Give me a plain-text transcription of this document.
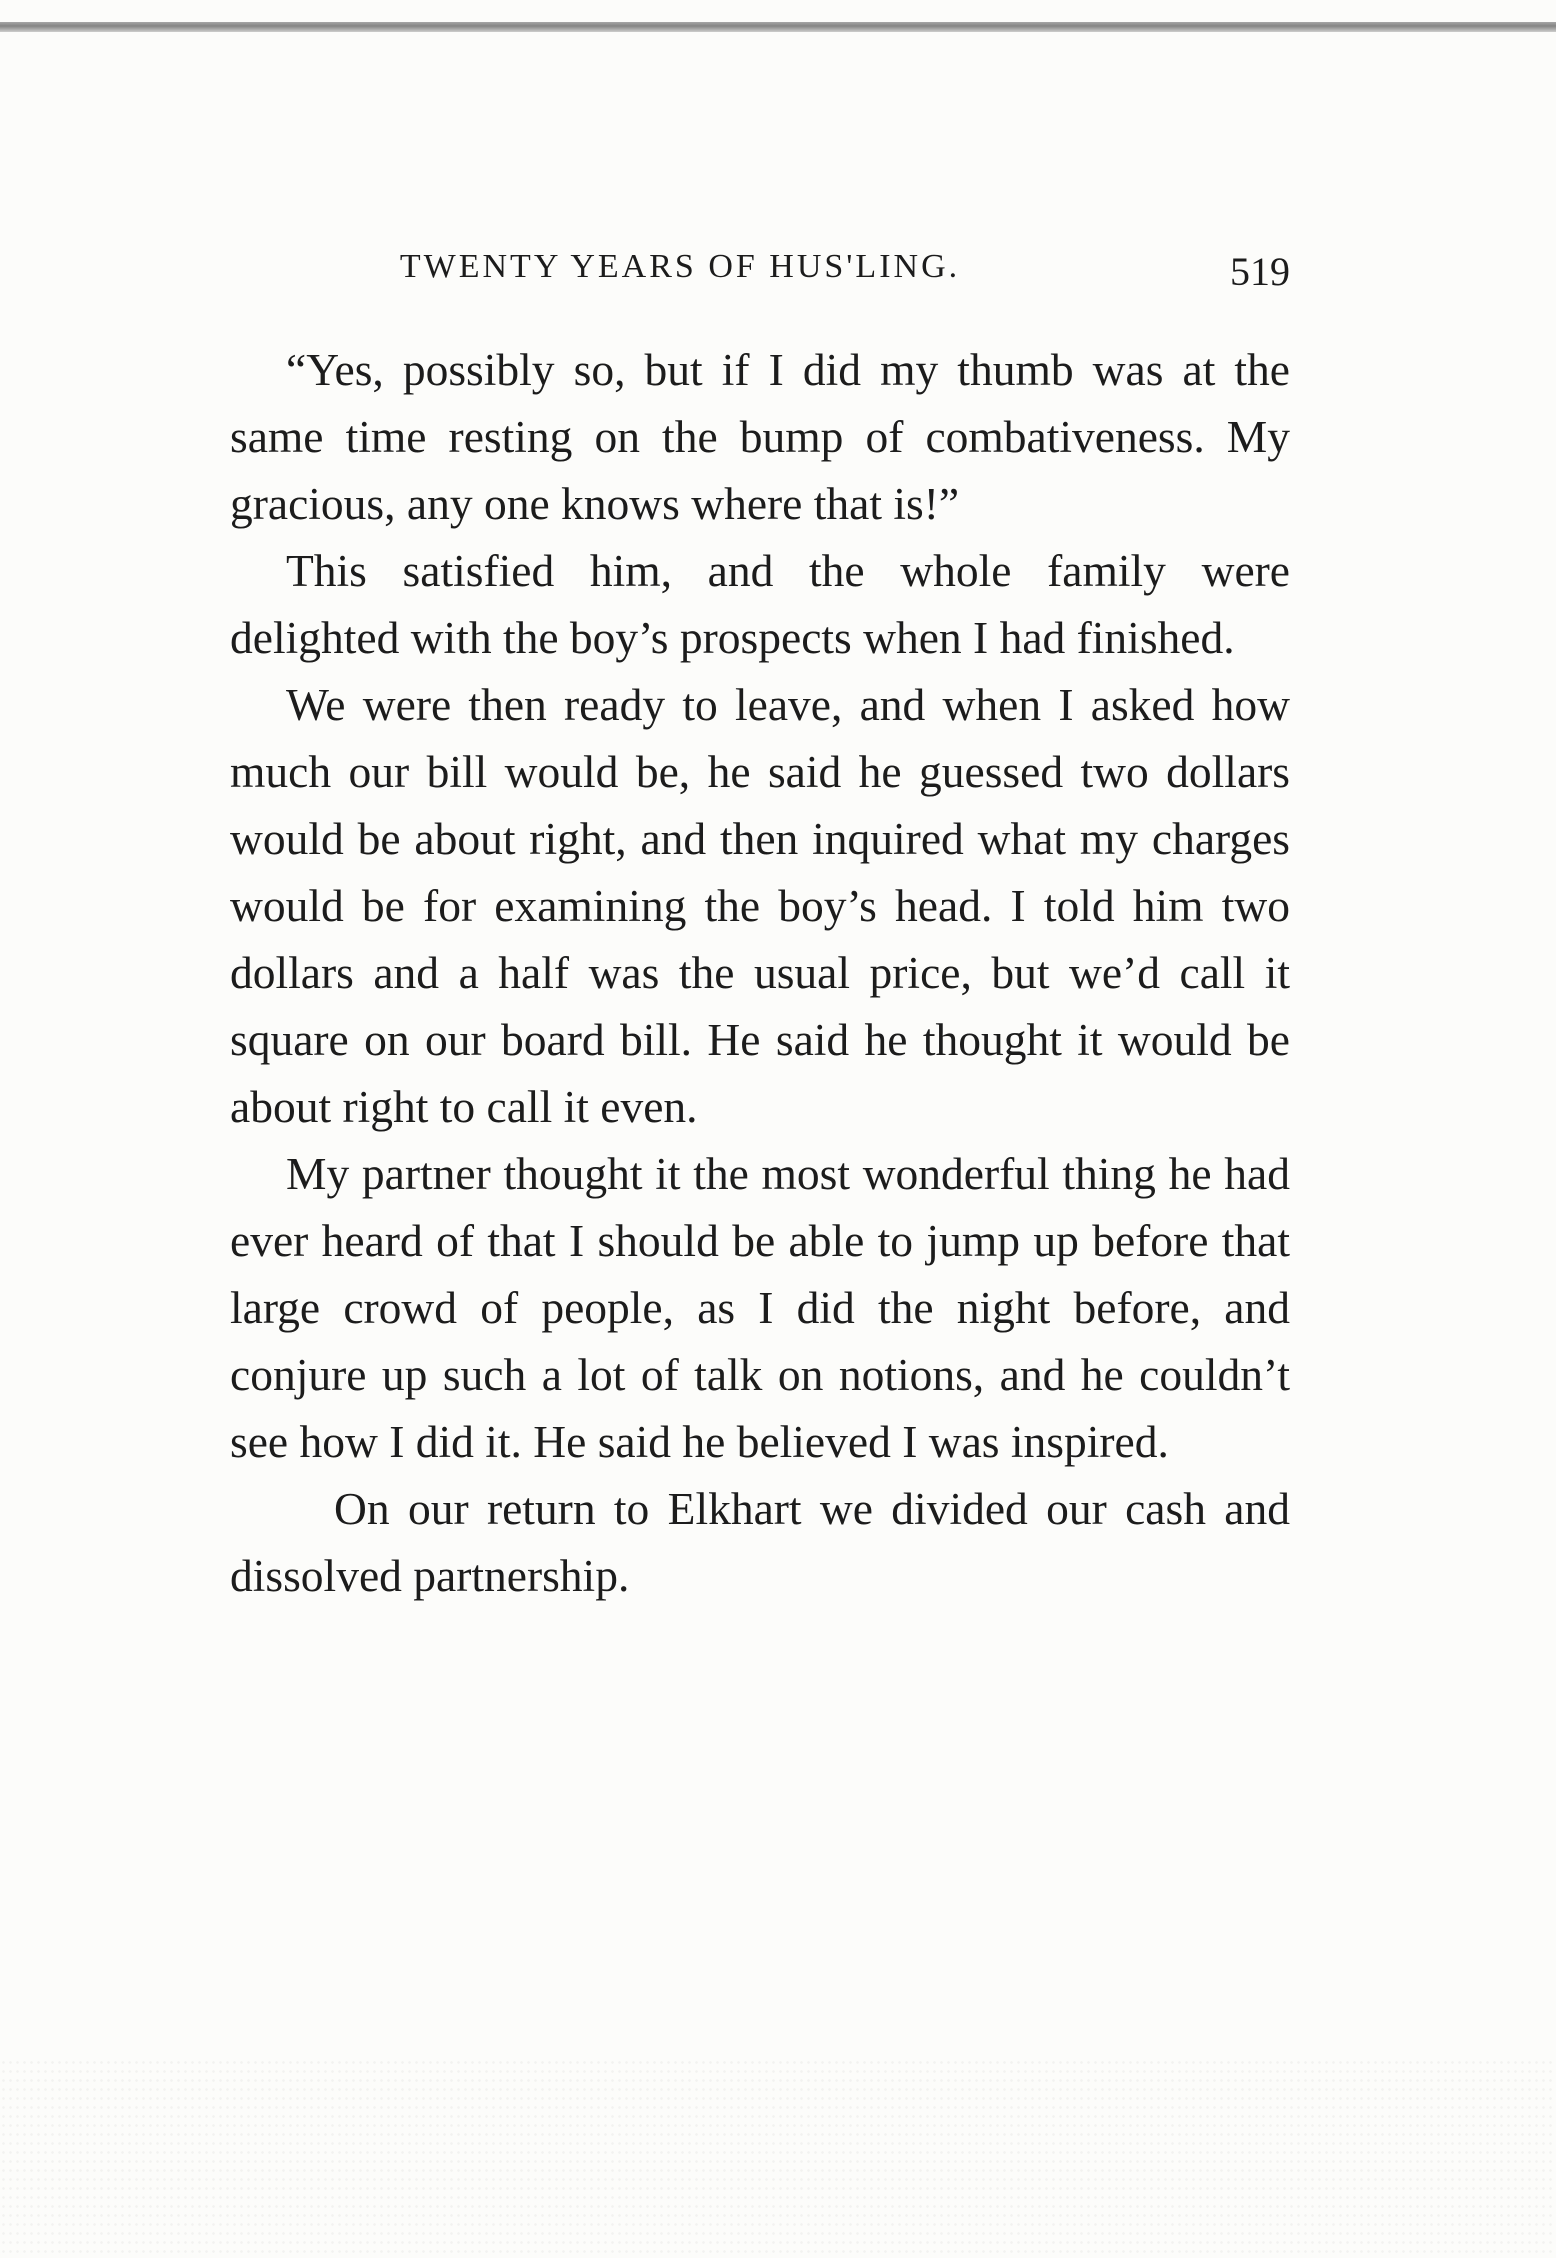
TWENTY YEARS OF HUS'LING.	519

“Yes, possibly so, but if I did my thumb was at the same time resting on the bump of combativeness. My gracious, any one knows where that is!”

This satisfied him, and the whole family were delighted with the boy’s prospects when I had finished.

We were then ready to leave, and when I asked how much our bill would be, he said he guessed two dollars would be about right, and then inquired what my charges would be for examining the boy’s head. I told him two dollars and a half was the usual price, but we’d call it square on our board bill. He said he thought it would be about right to call it even.

My partner thought it the most wonderful thing he had ever heard of that I should be able to jump up before that large crowd of people, as I did the night before, and conjure up such a lot of talk on notions, and he couldn’t see how I did it. He said he believed I was inspired.

On our return to Elkhart we divided our cash and dissolved partnership.
